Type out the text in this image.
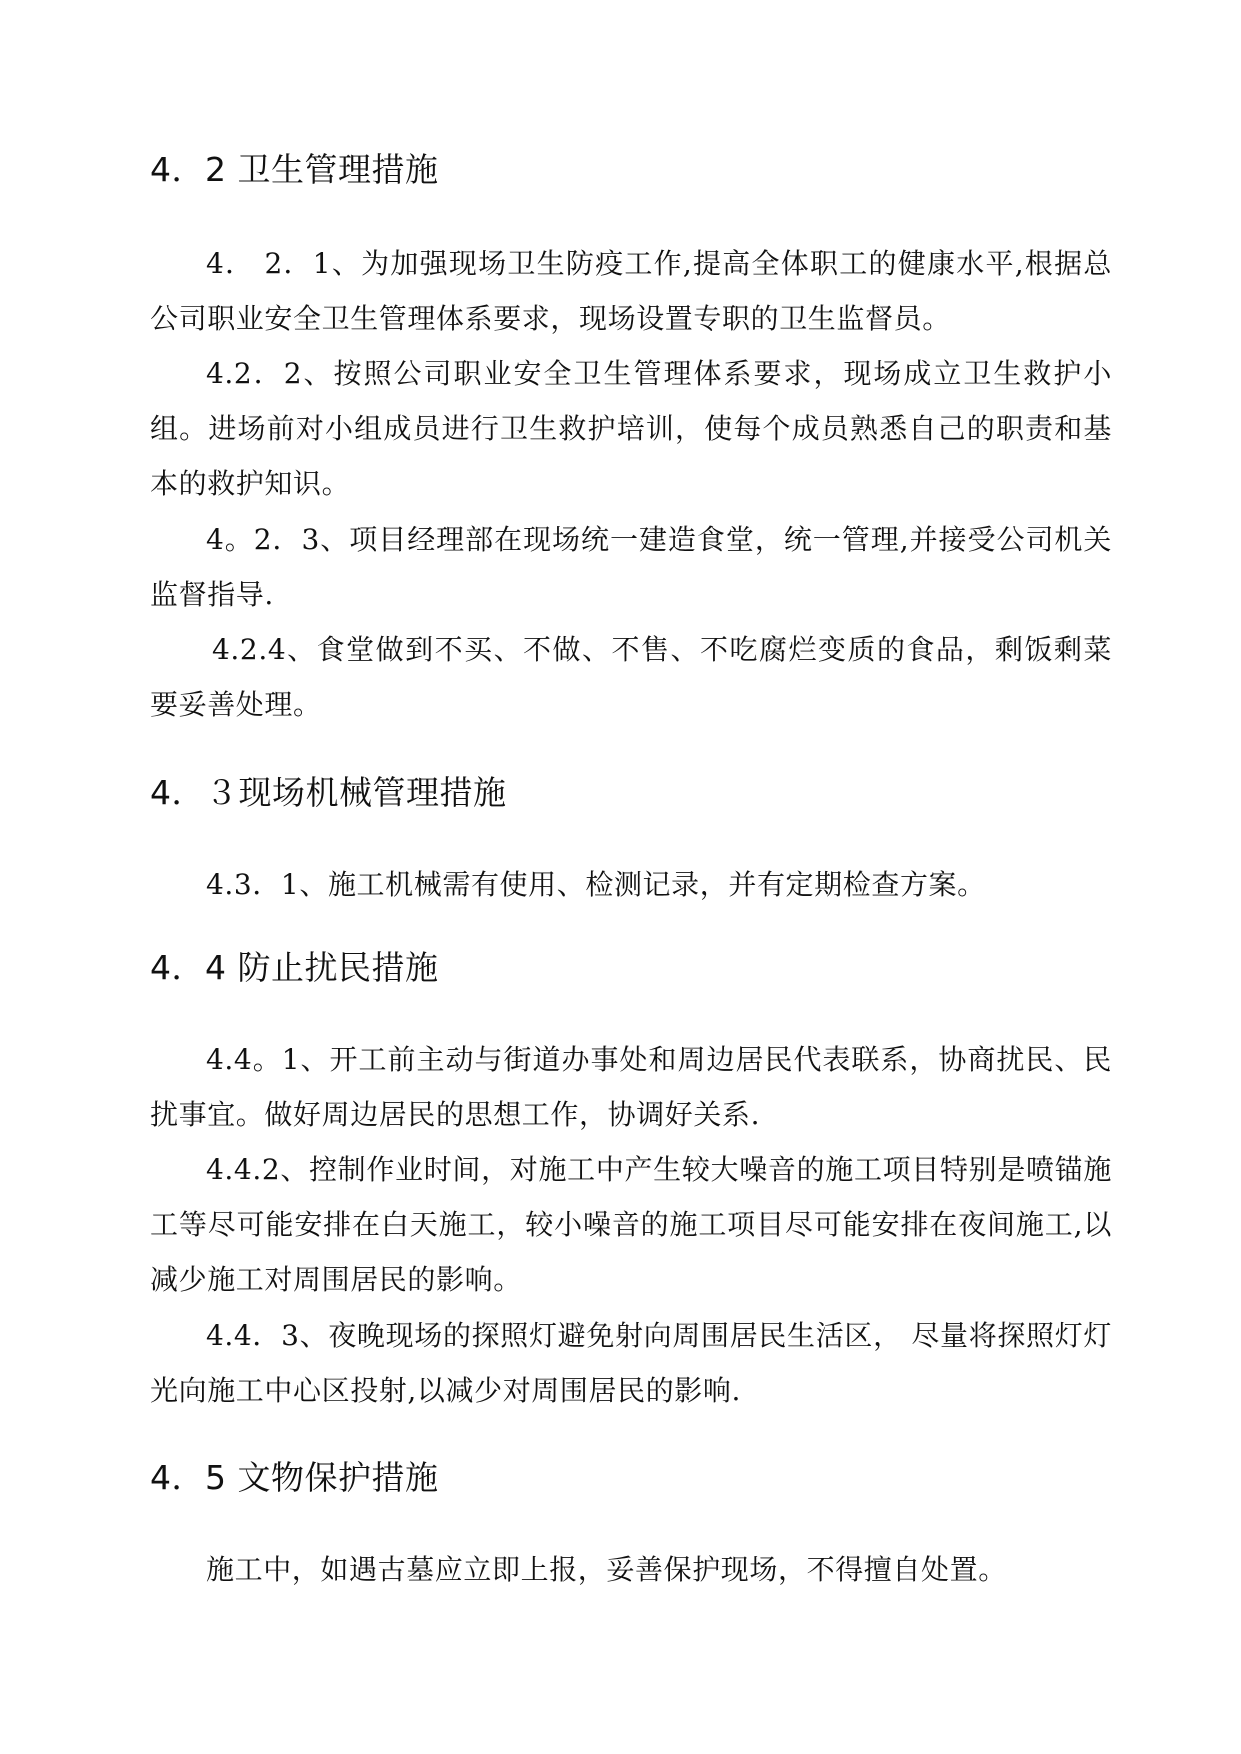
4．2 卫生管理措施

4． 2．1、为加强现场卫生防疫工作,提高全体职工的健康水平,根据总公司职业安全卫生管理体系要求，现场设置专职的卫生监督员。

4.2．2、按照公司职业安全卫生管理体系要求，现场成立卫生救护小组。进场前对小组成员进行卫生救护培训，使每个成员熟悉自己的职责和基本的救护知识。

4。2．3、项目经理部在现场统一建造食堂，统一管理,并接受公司机关监督指导.

4.2.4、食堂做到不买、不做、不售、不吃腐烂变质的食品，剩饭剩菜要妥善处理。

4．３现场机械管理措施

4.3．1、施工机械需有使用、检测记录，并有定期检查方案。

4．4 防止扰民措施

4.4。1、开工前主动与街道办事处和周边居民代表联系，协商扰民、民扰事宜。做好周边居民的思想工作，协调好关系.

4.4.2、控制作业时间，对施工中产生较大噪音的施工项目特别是喷锚施工等尽可能安排在白天施工，较小噪音的施工项目尽可能安排在夜间施工,以减少施工对周围居民的影响。

4.4．3、夜晚现场的探照灯避免射向周围居民生活区， 尽量将探照灯灯光向施工中心区投射,以减少对周围居民的影响.

4．5 文物保护措施

施工中，如遇古墓应立即上报，妥善保护现场，不得擅自处置。
